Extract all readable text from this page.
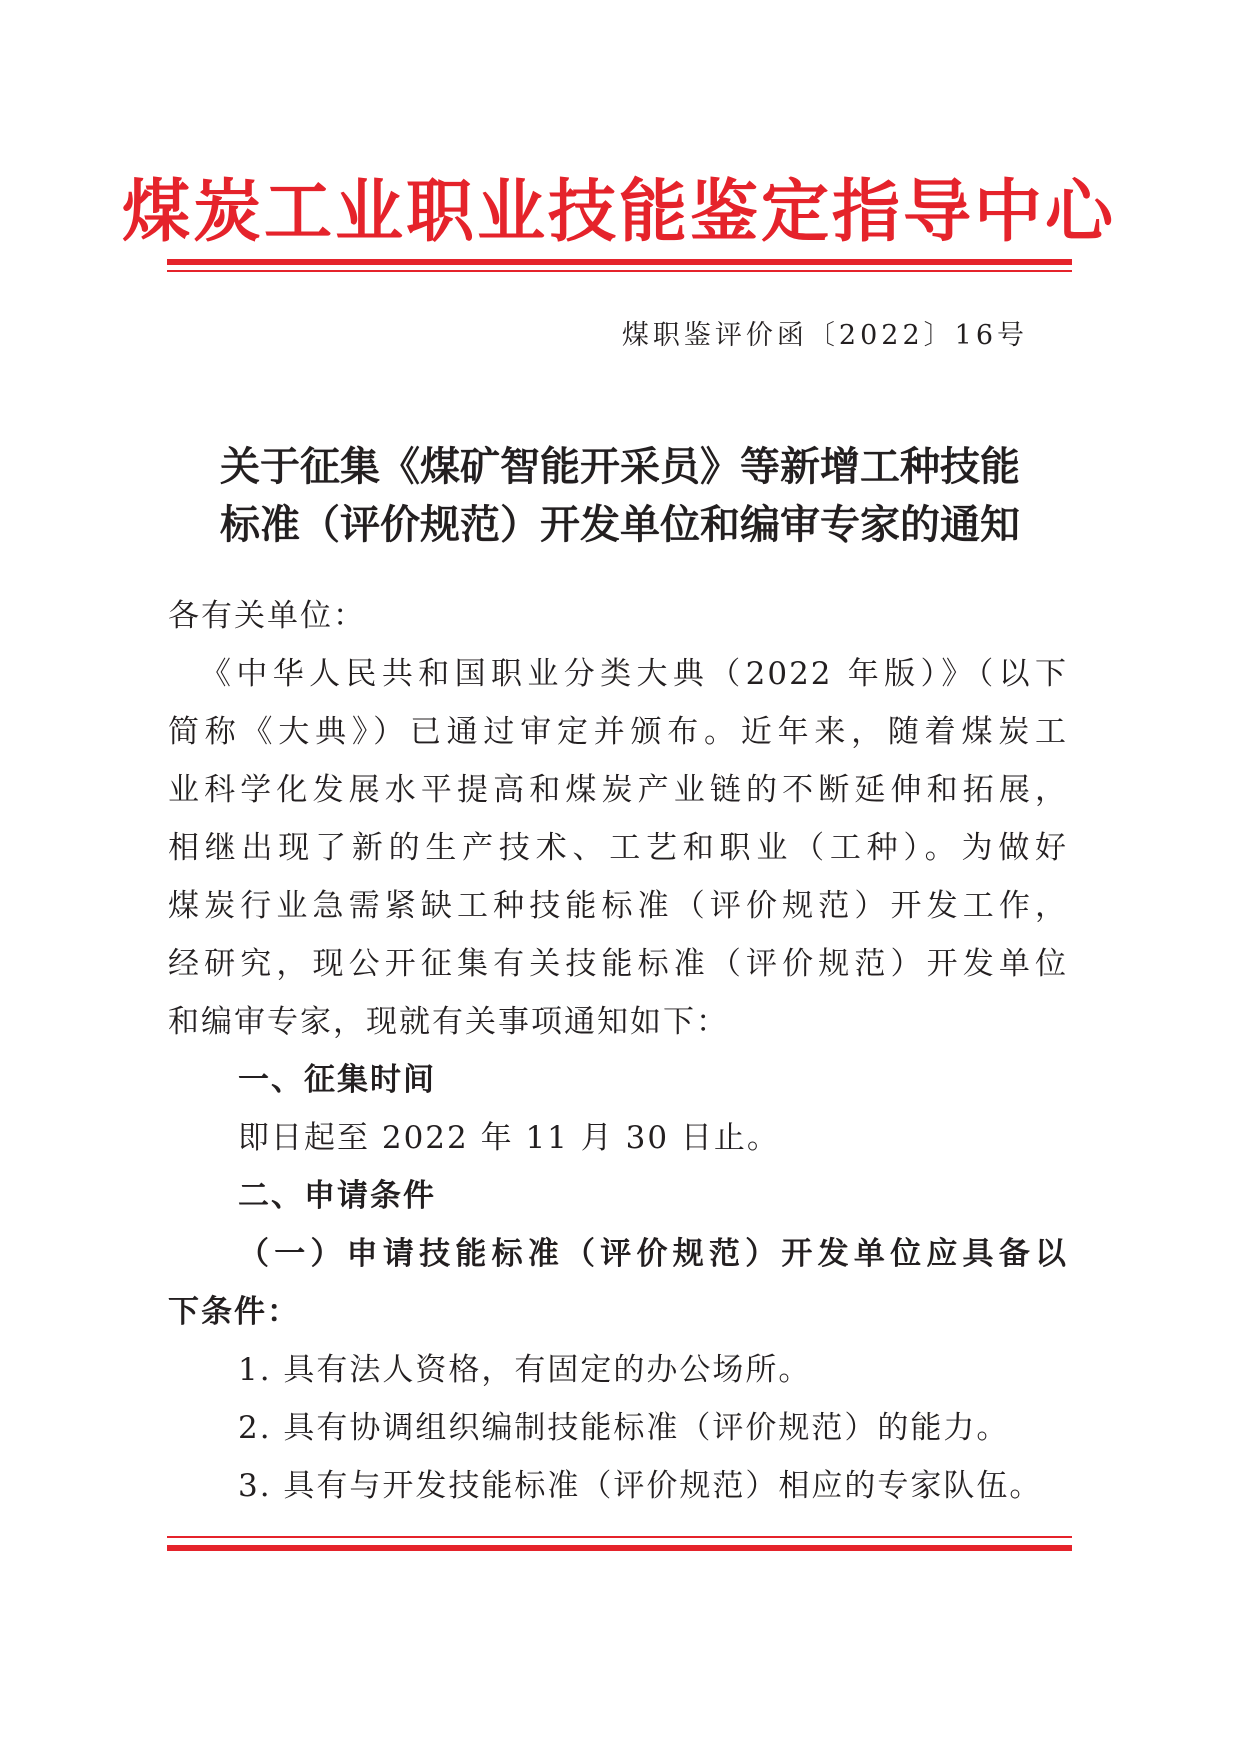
煤炭工业职业技能鉴定指导中心
煤职鉴评价函〔2022〕16号
关于征集《煤矿智能开采员》等新增工种技能
标准（评价规范）开发单位和编审专家的通知
各有关单位：
《中华人民共和国职业分类大典（2022 年版）》（以下
简称《大典》）已通过审定并颁布。近年来，随着煤炭工
业科学化发展水平提高和煤炭产业链的不断延伸和拓展，
相继出现了新的生产技术、工艺和职业（工种）。为做好
煤炭行业急需紧缺工种技能标准（评价规范）开发工作，
经研究，现公开征集有关技能标准（评价规范）开发单位
和编审专家，现就有关事项通知如下：
一、征集时间
即日起至 2022 年 11 月 30 日止。
二、申请条件
（一）申请技能标准（评价规范）开发单位应具备以
下条件：
1. 具有法人资格，有固定的办公场所。
2. 具有协调组织编制技能标准（评价规范）的能力。
3. 具有与开发技能标准（评价规范）相应的专家队伍。
